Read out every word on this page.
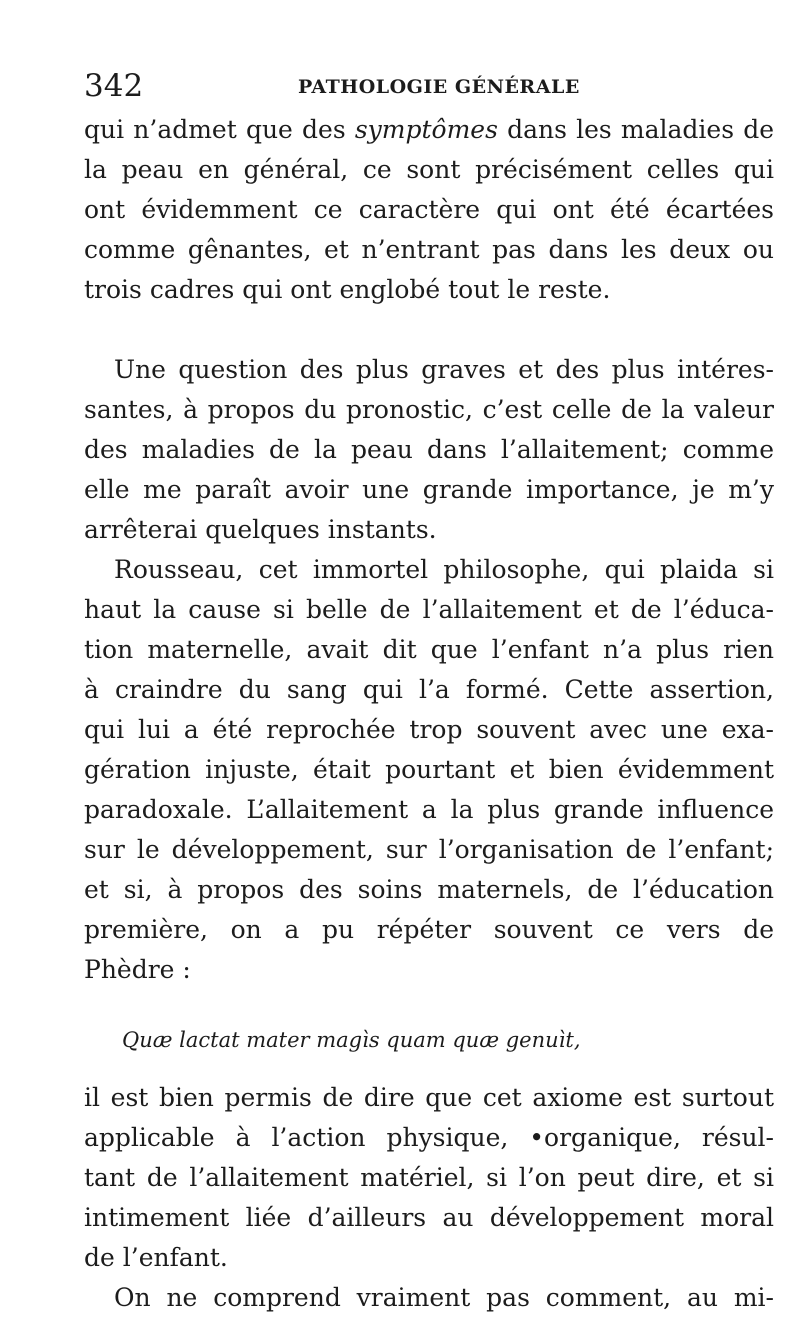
342	PATHOLOGIE GÉNÉRALE
qui n’admet que des symptômes dans les maladies de
la peau en général, ce sont précisément celles qui
ont évidemment ce caractère qui ont été écartées
comme gênantes, et n’entrant pas dans les deux ou
trois cadres qui ont englobé tout le reste.
Une question des plus graves et des plus intéres-
santes, à propos du pronostic, c’est celle de la valeur
des maladies de la peau dans l’allaitement; comme
elle me paraît avoir une grande importance, je m’y
arrêterai quelques instants.
Rousseau, cet immortel philosophe, qui plaida si
haut la cause si belle de l’allaitement et de l’éduca-
tion maternelle, avait dit que l’enfant n’a plus rien
à craindre du sang qui l’a formé. Cette assertion,
qui lui a été reprochée trop souvent avec une exa-
gération injuste, était pourtant et bien évidemment
paradoxale. L’allaitement a la plus grande influence
sur le développement, sur l’organisation de l’enfant;
et si, à propos des soins maternels, de l’éducation
première, on a pu répéter souvent ce vers de
Phèdre :
Quæ lactat mater magìs quam quæ genuìt,
il est bien permis de dire que cet axiome est surtout
applicable à l’action physique, •organique, résul-
tant de l’allaitement matériel, si l’on peut dire, et si
intimement liée d’ailleurs au développement moral
de l’enfant.
On ne comprend vraiment pas comment, au mi-
